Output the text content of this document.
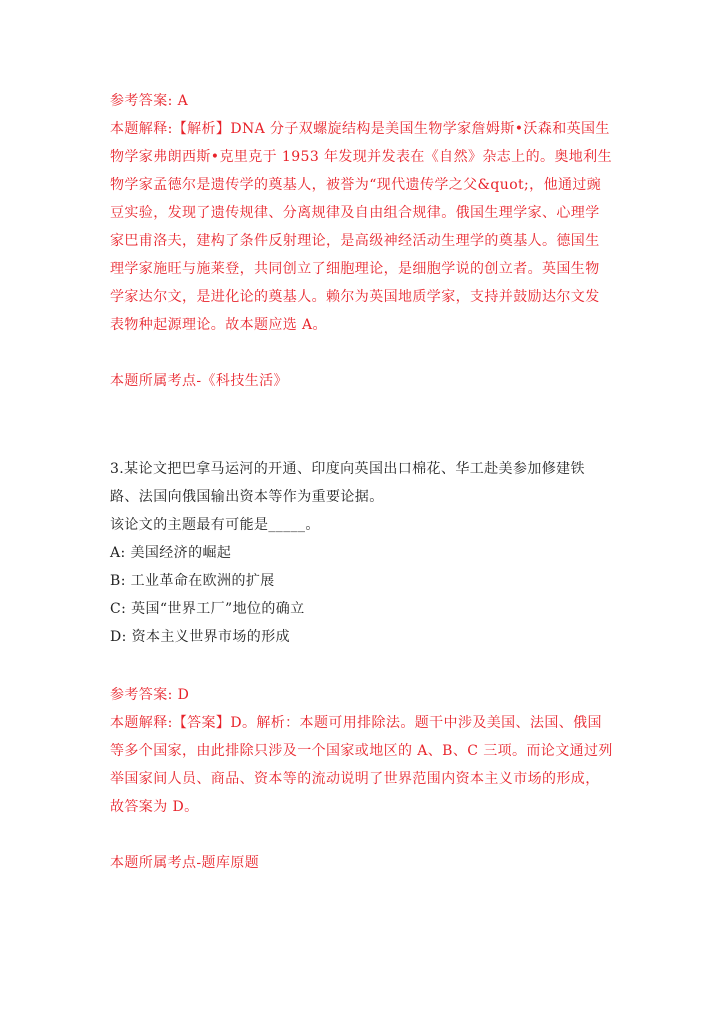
参考答案: A

本题解释:【解析】DNA 分子双螺旋结构是美国生物学家詹姆斯•沃森和英国生

物学家弗朗西斯•克里克于 1953 年发现并发表在《自然》杂志上的。奥地利生

物学家孟德尔是遗传学的奠基人，被誉为“现代遗传学之父&quot;，他通过豌

豆实验，发现了遗传规律、分离规律及自由组合规律。俄国生理学家、心理学

家巴甫洛夫，建构了条件反射理论，是高级神经活动生理学的奠基人。德国生

理学家施旺与施莱登，共同创立了细胞理论，是细胞学说的创立者。英国生物

学家达尔文，是进化论的奠基人。赖尔为英国地质学家，支持并鼓励达尔文发

表物种起源理论。故本题应选 A。

本题所属考点-《科技生活》

3.某论文把巴拿马运河的开通、印度向英国出口棉花、华工赴美参加修建铁

路、法国向俄国输出资本等作为重要论据。

该论文的主题最有可能是_____。

A: 美国经济的崛起

B: 工业革命在欧洲的扩展

C: 英国“世界工厂”地位的确立

D: 资本主义世界市场的形成

参考答案: D

本题解释:【答案】D。解析：本题可用排除法。题干中涉及美国、法国、俄国

等多个国家，由此排除只涉及一个国家或地区的 A、B、C 三项。而论文通过列

举国家间人员、商品、资本等的流动说明了世界范围内资本主义市场的形成，

故答案为 D。

本题所属考点-题库原题
